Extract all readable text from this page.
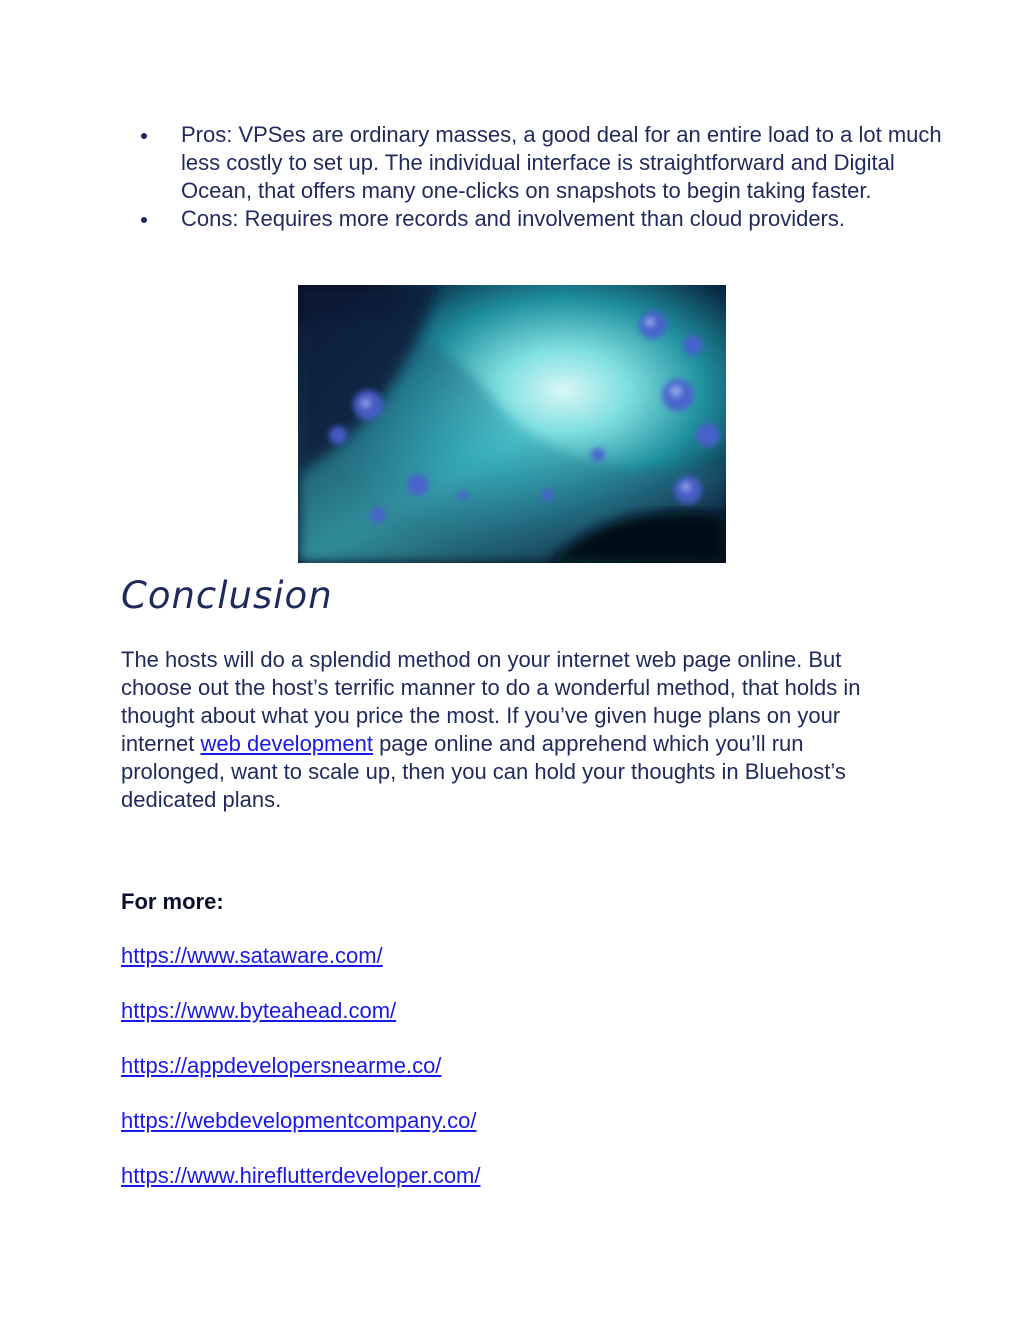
Pros: VPSes are ordinary masses, a good deal for an entire load to a lot much less costly to set up. The individual interface is straightforward and Digital Ocean, that offers many one-clicks on snapshots to begin taking faster.
Cons: Requires more records and involvement than cloud providers.
Conclusion

The hosts will do a splendid method on your internet web page online. But choose out the host’s terrific manner to do a wonderful method, that holds in thought about what you price the most. If you’ve given huge plans on your internet web development page online and apprehend which you’ll run prolonged, want to scale up, then you can hold your thoughts in Bluehost’s dedicated plans.

For more:

https://www.sataware.com/
https://www.byteahead.com/
https://appdevelopersnearme.co/
https://webdevelopmentcompany.co/
https://www.hireflutterdeveloper.com/
